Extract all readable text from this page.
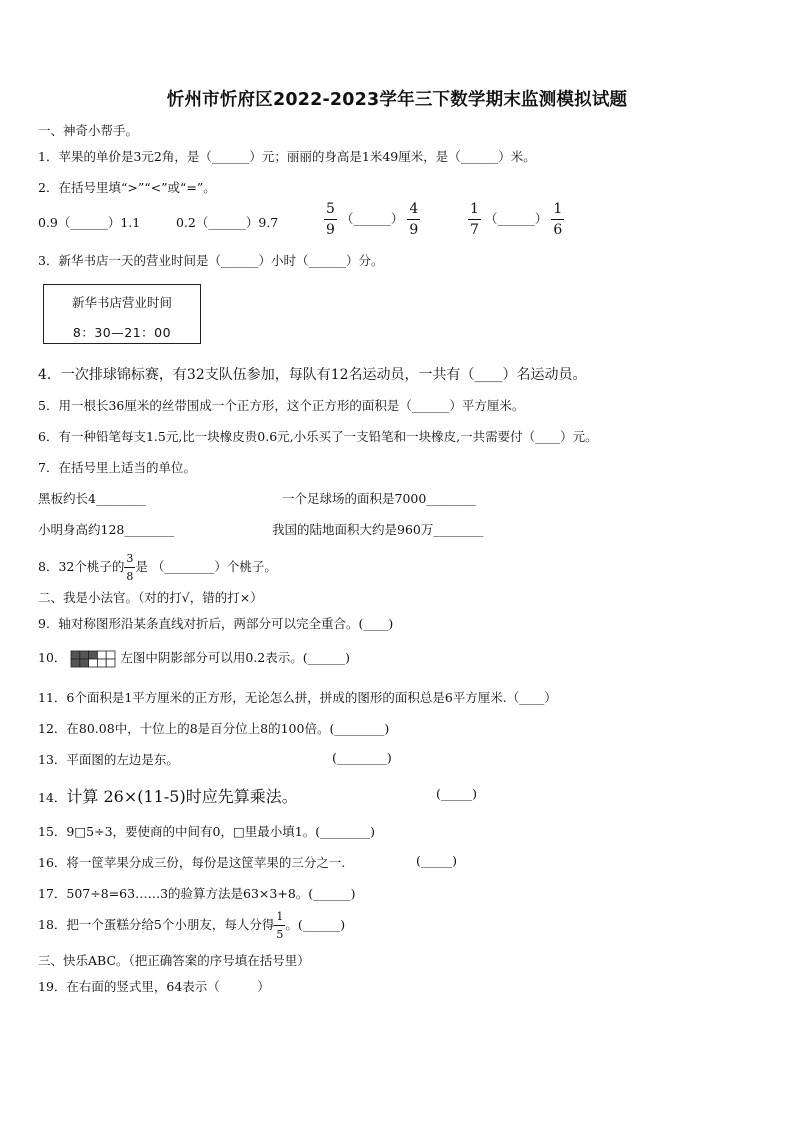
忻州市忻府区2022-2023学年三下数学期末监测模拟试题
一、神奇小帮手。
1．苹果的单价是3元2角，是（______）元；丽丽的身高是1米49厘米，是（______）米。
2．在括号里填“>”“<”或“=”。
0.9（______）1.1	0.2（______）9.7	$\frac{5}{9}$ （______） $\frac{4}{9}$	$\frac{1}{7}$ （______） $\frac{1}{6}$
3．新华书店一天的营业时间是（______）小时（______）分。
新华书店营业时间
8：30—21：00
4．一次排球锦标赛，有32支队伍参加，每队有12名运动员，一共有（____）名运动员。
5．用一根长36厘米的丝带围成一个正方形，这个正方形的面积是（______）平方厘米。
6．有一种铅笔每支1.5元,比一块橡皮贵0.6元,小乐买了一支铅笔和一块橡皮,一共需要付（____）元。
7．在括号里上适当的单位。
黑板约长4________	一个足球场的面积是7000________
小明身高约128________	我国的陆地面积大约是960万________
8．32个桃子的 $\frac{3}{8}$ 是 （________）个桃子。
二、我是小法官。（对的打√，错的打×）
9．轴对称图形沿某条直线对折后，两部分可以完全重合。(____)
10．	左图中阴影部分可以用0.2表示。(______)
11．6个面积是1平方厘米的正方形，无论怎么拼，拼成的图形的面积总是6平方厘米.（____）
12．在80.08中，十位上的8是百分位上8的100倍。(________)
13．平面图的左边是东。	(________)
14．计算 26×(11-5)时应先算乘法。	(_____)
15．9□5÷3，要使商的中间有0，□里最小填1。(________)
16．将一筐苹果分成三份，每份是这筐苹果的三分之一.	(_____)
17．507÷8=63……3的验算方法是63×3+8。(______)
18．把一个蛋糕分给5个小朋友，每人分得 $\frac{1}{5}$ 。(______)
三、快乐ABC。（把正确答案的序号填在括号里）
19．在右面的竖式里，64表示（　　　）
